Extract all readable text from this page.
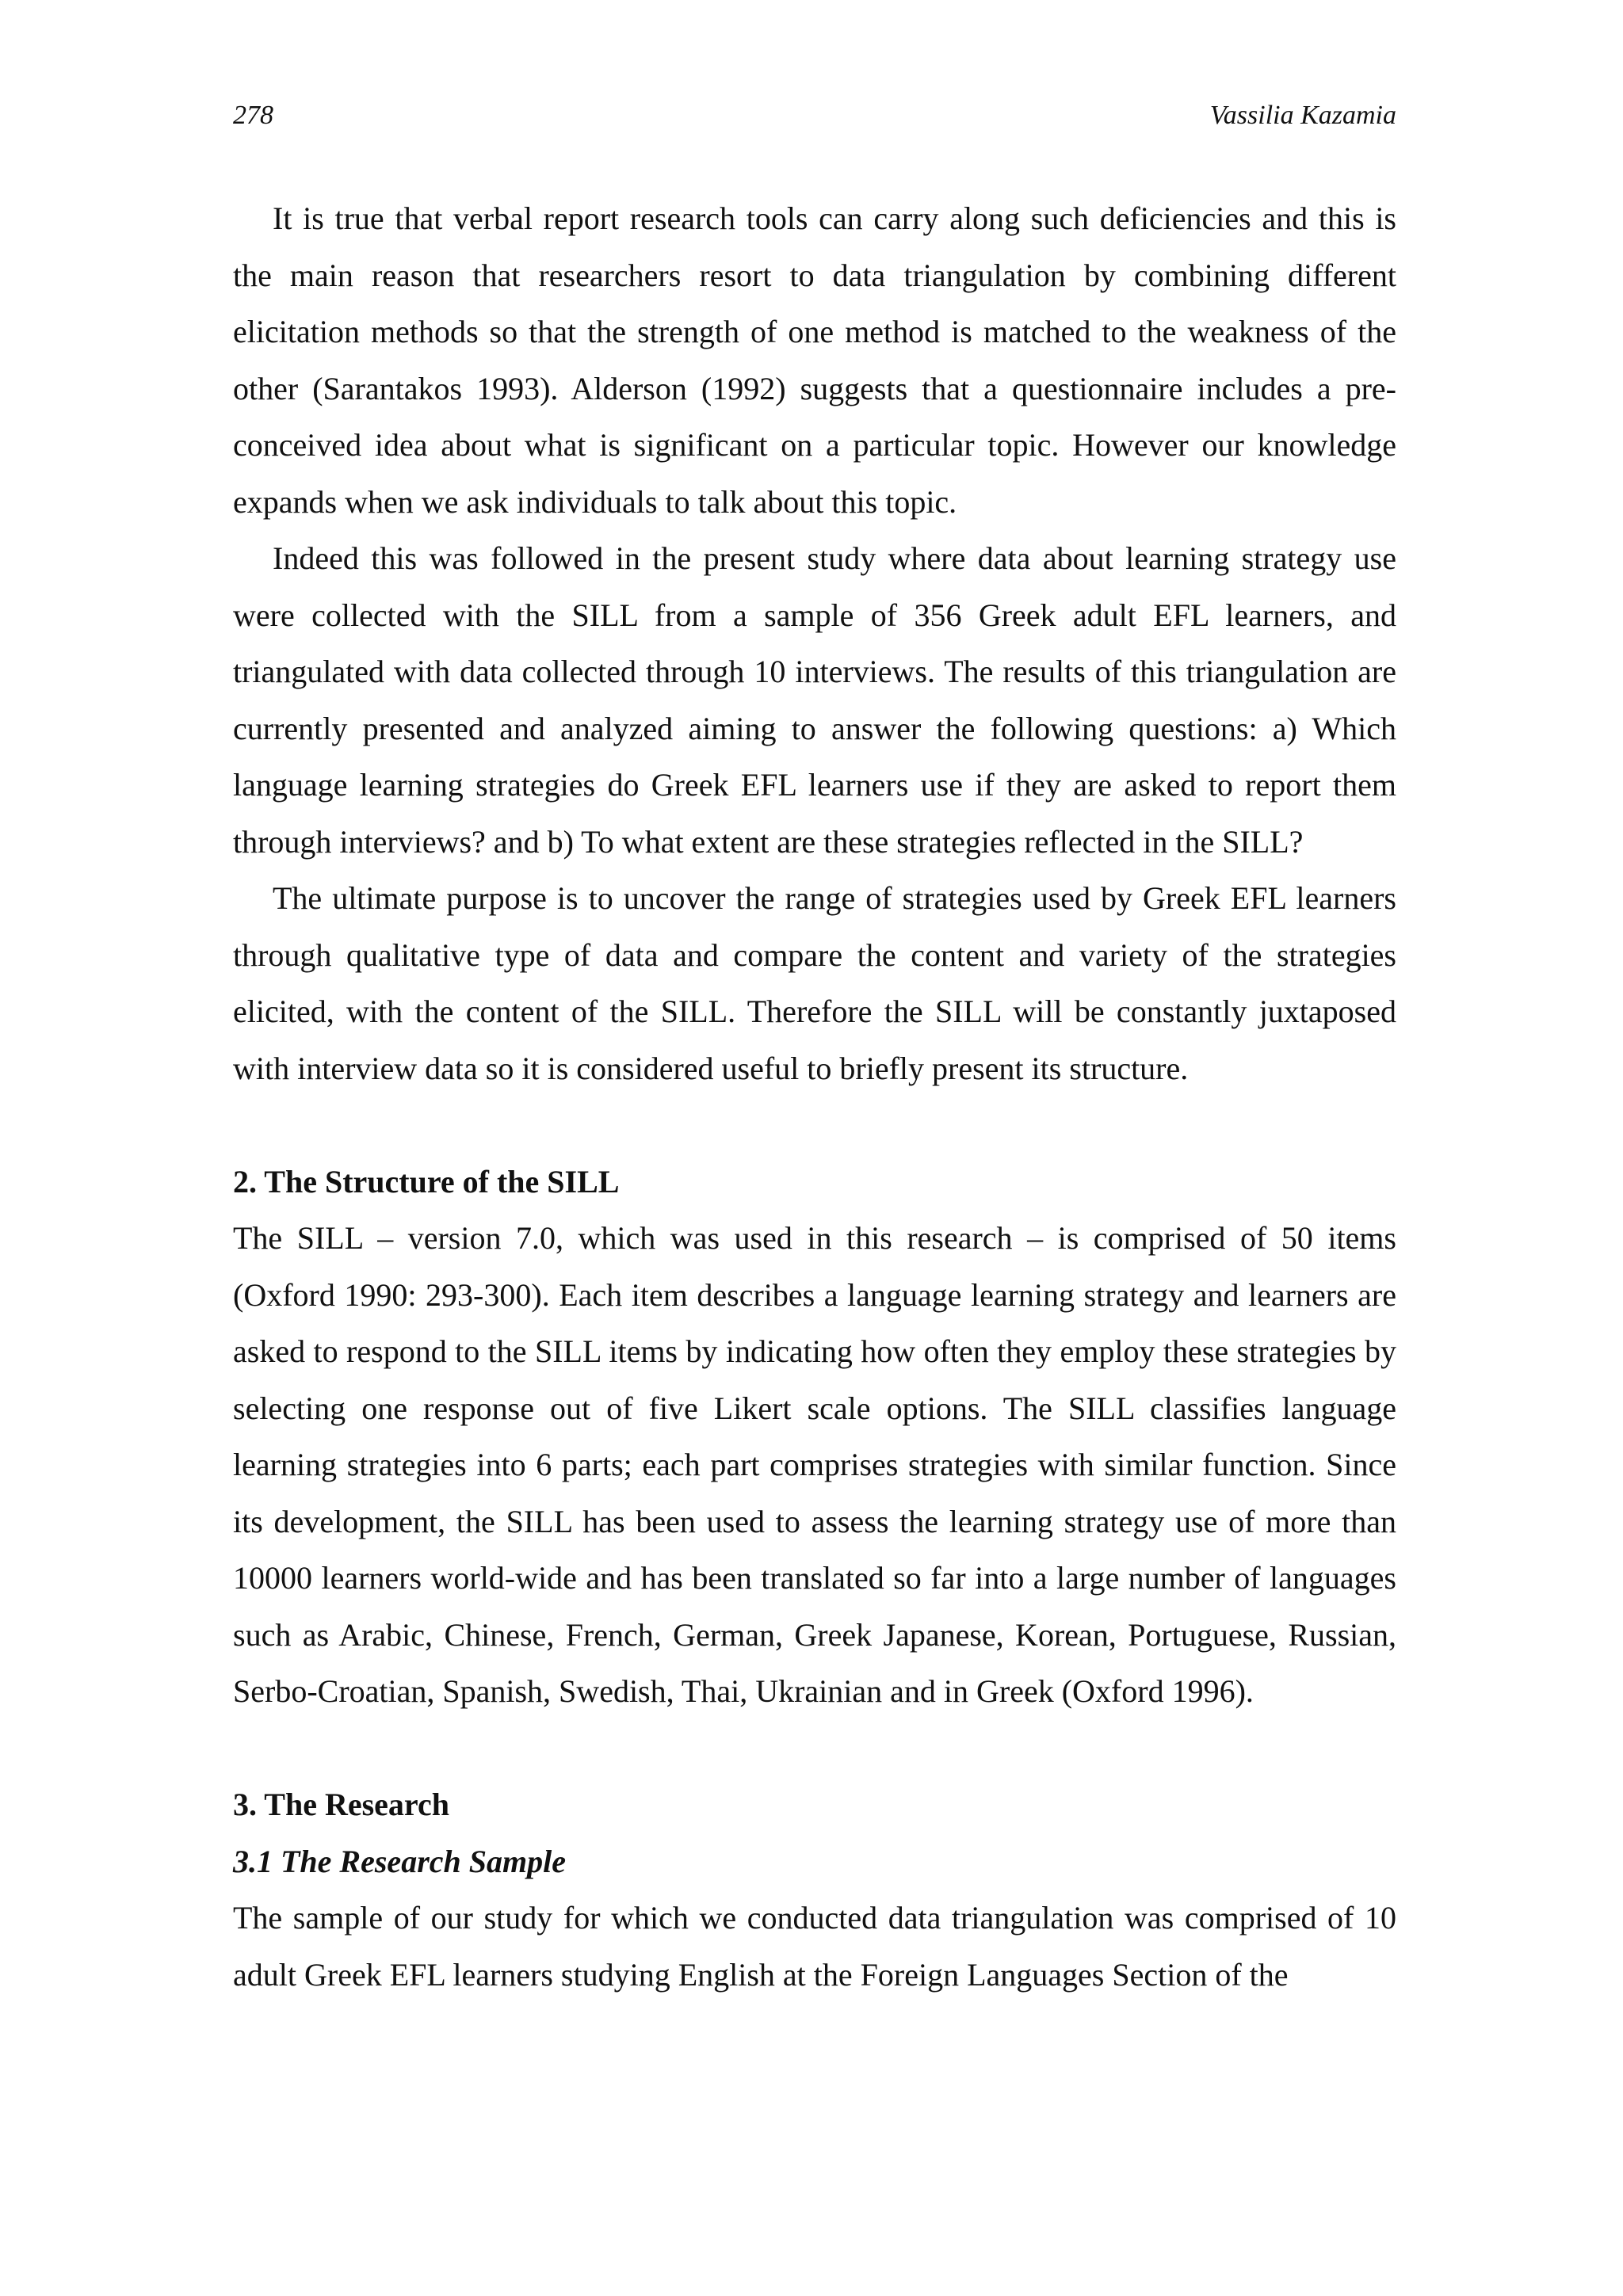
278	Vassilia Kazamia

It is true that verbal report research tools can carry along such deficiencies and this is the main reason that researchers resort to data triangulation by combining different elicitation methods so that the strength of one method is matched to the weakness of the other (Sarantakos 1993). Alderson (1992) suggests that a questionnaire includes a pre-conceived idea about what is significant on a particular topic. However our knowledge expands when we ask individuals to talk about this topic.

Indeed this was followed in the present study where data about learning strategy use were collected with the SILL from a sample of 356 Greek adult EFL learners, and triangulated with data collected through 10 interviews. The results of this triangulation are currently presented and analyzed aiming to answer the following questions: a) Which language learning strategies do Greek EFL learners use if they are asked to report them through interviews? and b) To what extent are these strategies reflected in the SILL?

The ultimate purpose is to uncover the range of strategies used by Greek EFL learners through qualitative type of data and compare the content and variety of the strategies elicited, with the content of the SILL. Therefore the SILL will be constantly juxtaposed with interview data so it is considered useful to briefly present its structure.

2. The Structure of the SILL

The SILL – version 7.0, which was used in this research – is comprised of 50 items (Oxford 1990: 293-300). Each item describes a language learning strategy and learners are asked to respond to the SILL items by indicating how often they employ these strategies by selecting one response out of five Likert scale options. The SILL classifies language learning strategies into 6 parts; each part comprises strategies with similar function. Since its development, the SILL has been used to assess the learning strategy use of more than 10000 learners world-wide and has been translated so far into a large number of languages such as Arabic, Chinese, French, German, Greek Japanese, Korean, Portuguese, Russian, Serbo-Croatian, Spanish, Swedish, Thai, Ukrainian and in Greek (Oxford 1996).

3. The Research
3.1 The Research Sample

The sample of our study for which we conducted data triangulation was comprised of 10 adult Greek EFL learners studying English at the Foreign Languages Section of the
